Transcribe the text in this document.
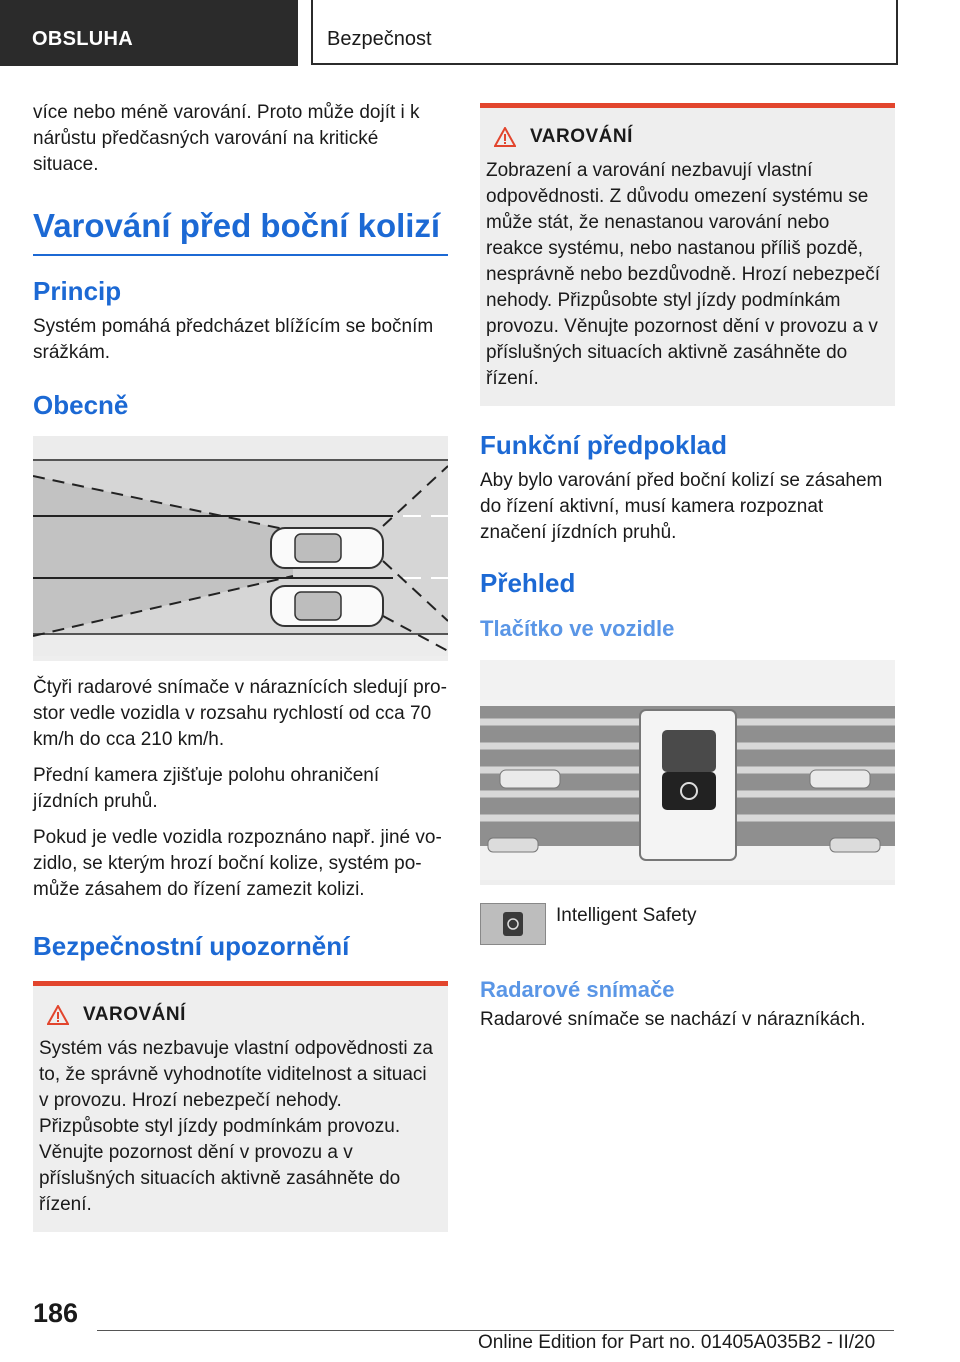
OBSLUHA	Bezpečnost

více nebo méně varování. Proto může dojít i k nárůstu předčasných varování na kritické situace.

Varování před boční kolizí
Princip

Systém pomáhá předcházet blížícím se bočním srážkám.

Obecně

Čtyři radarové snímače v náraznících sledují prostor vedle vozidla v rozsahu rychlostí od cca 70 km/h do cca 210 km/h.

Přední kamera zjišťuje polohu ohraničení jízdních pruhů.

Pokud je vedle vozidla rozpoznáno např. jiné vozidlo, se kterým hrozí boční kolize, systém pomůže zásahem do řízení zamezit kolizi.

Bezpečnostní upozornění
VAROVÁNÍ

Systém vás nezbavuje vlastní odpovědnosti za to, že správně vyhodnotíte viditelnost a situaci v provozu. Hrozí nebezpečí nehody. Přizpůsobte styl jízdy podmínkám provozu. Věnujte pozornost dění v provozu a v příslušných situacích aktivně zasáhněte do řízení.

VAROVÁNÍ

Zobrazení a varování nezbavují vlastní odpovědnosti. Z důvodu omezení systému se může stát, že nenastanou varování nebo reakce systému, nebo nastanou příliš pozdě, nesprávně nebo bezdůvodně. Hrozí nebezpečí nehody. Přizpůsobte styl jízdy podmínkám provozu. Věnujte pozornost dění v provozu a v příslušných situacích aktivně zasáhněte do řízení.

Funkční předpoklad

Aby bylo varování před boční kolizí se zásahem do řízení aktivní, musí kamera rozpoznat značení jízdních pruhů.

Přehled
Tlačítko ve vozidle

Intelligent Safety

Radarové snímače

Radarové snímače se nachází v nárazníkách.

186
Online Edition for Part no. 01405A035B2 - II/20
